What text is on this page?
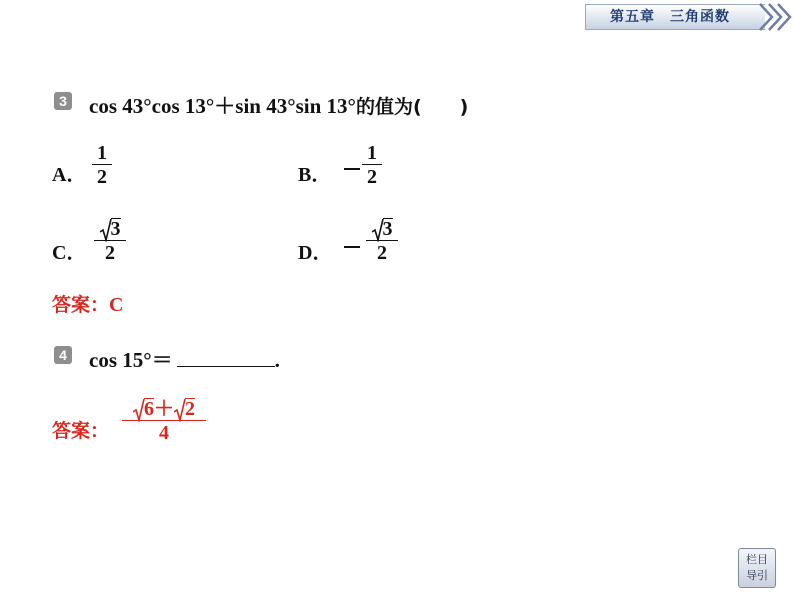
第五章　三角函数
3 cos 43°cos 13°＋sin 43°sin 13°的值为(　　)
A． $\frac{1}{2}$	B． $\frac{1}{2}$
C． $\frac{3}{2}$	D． $\frac{3}{2}$
答案：C
4 cos 15°＝	.
答案： $\frac{6+ 2}{4}$
栏目
导引
